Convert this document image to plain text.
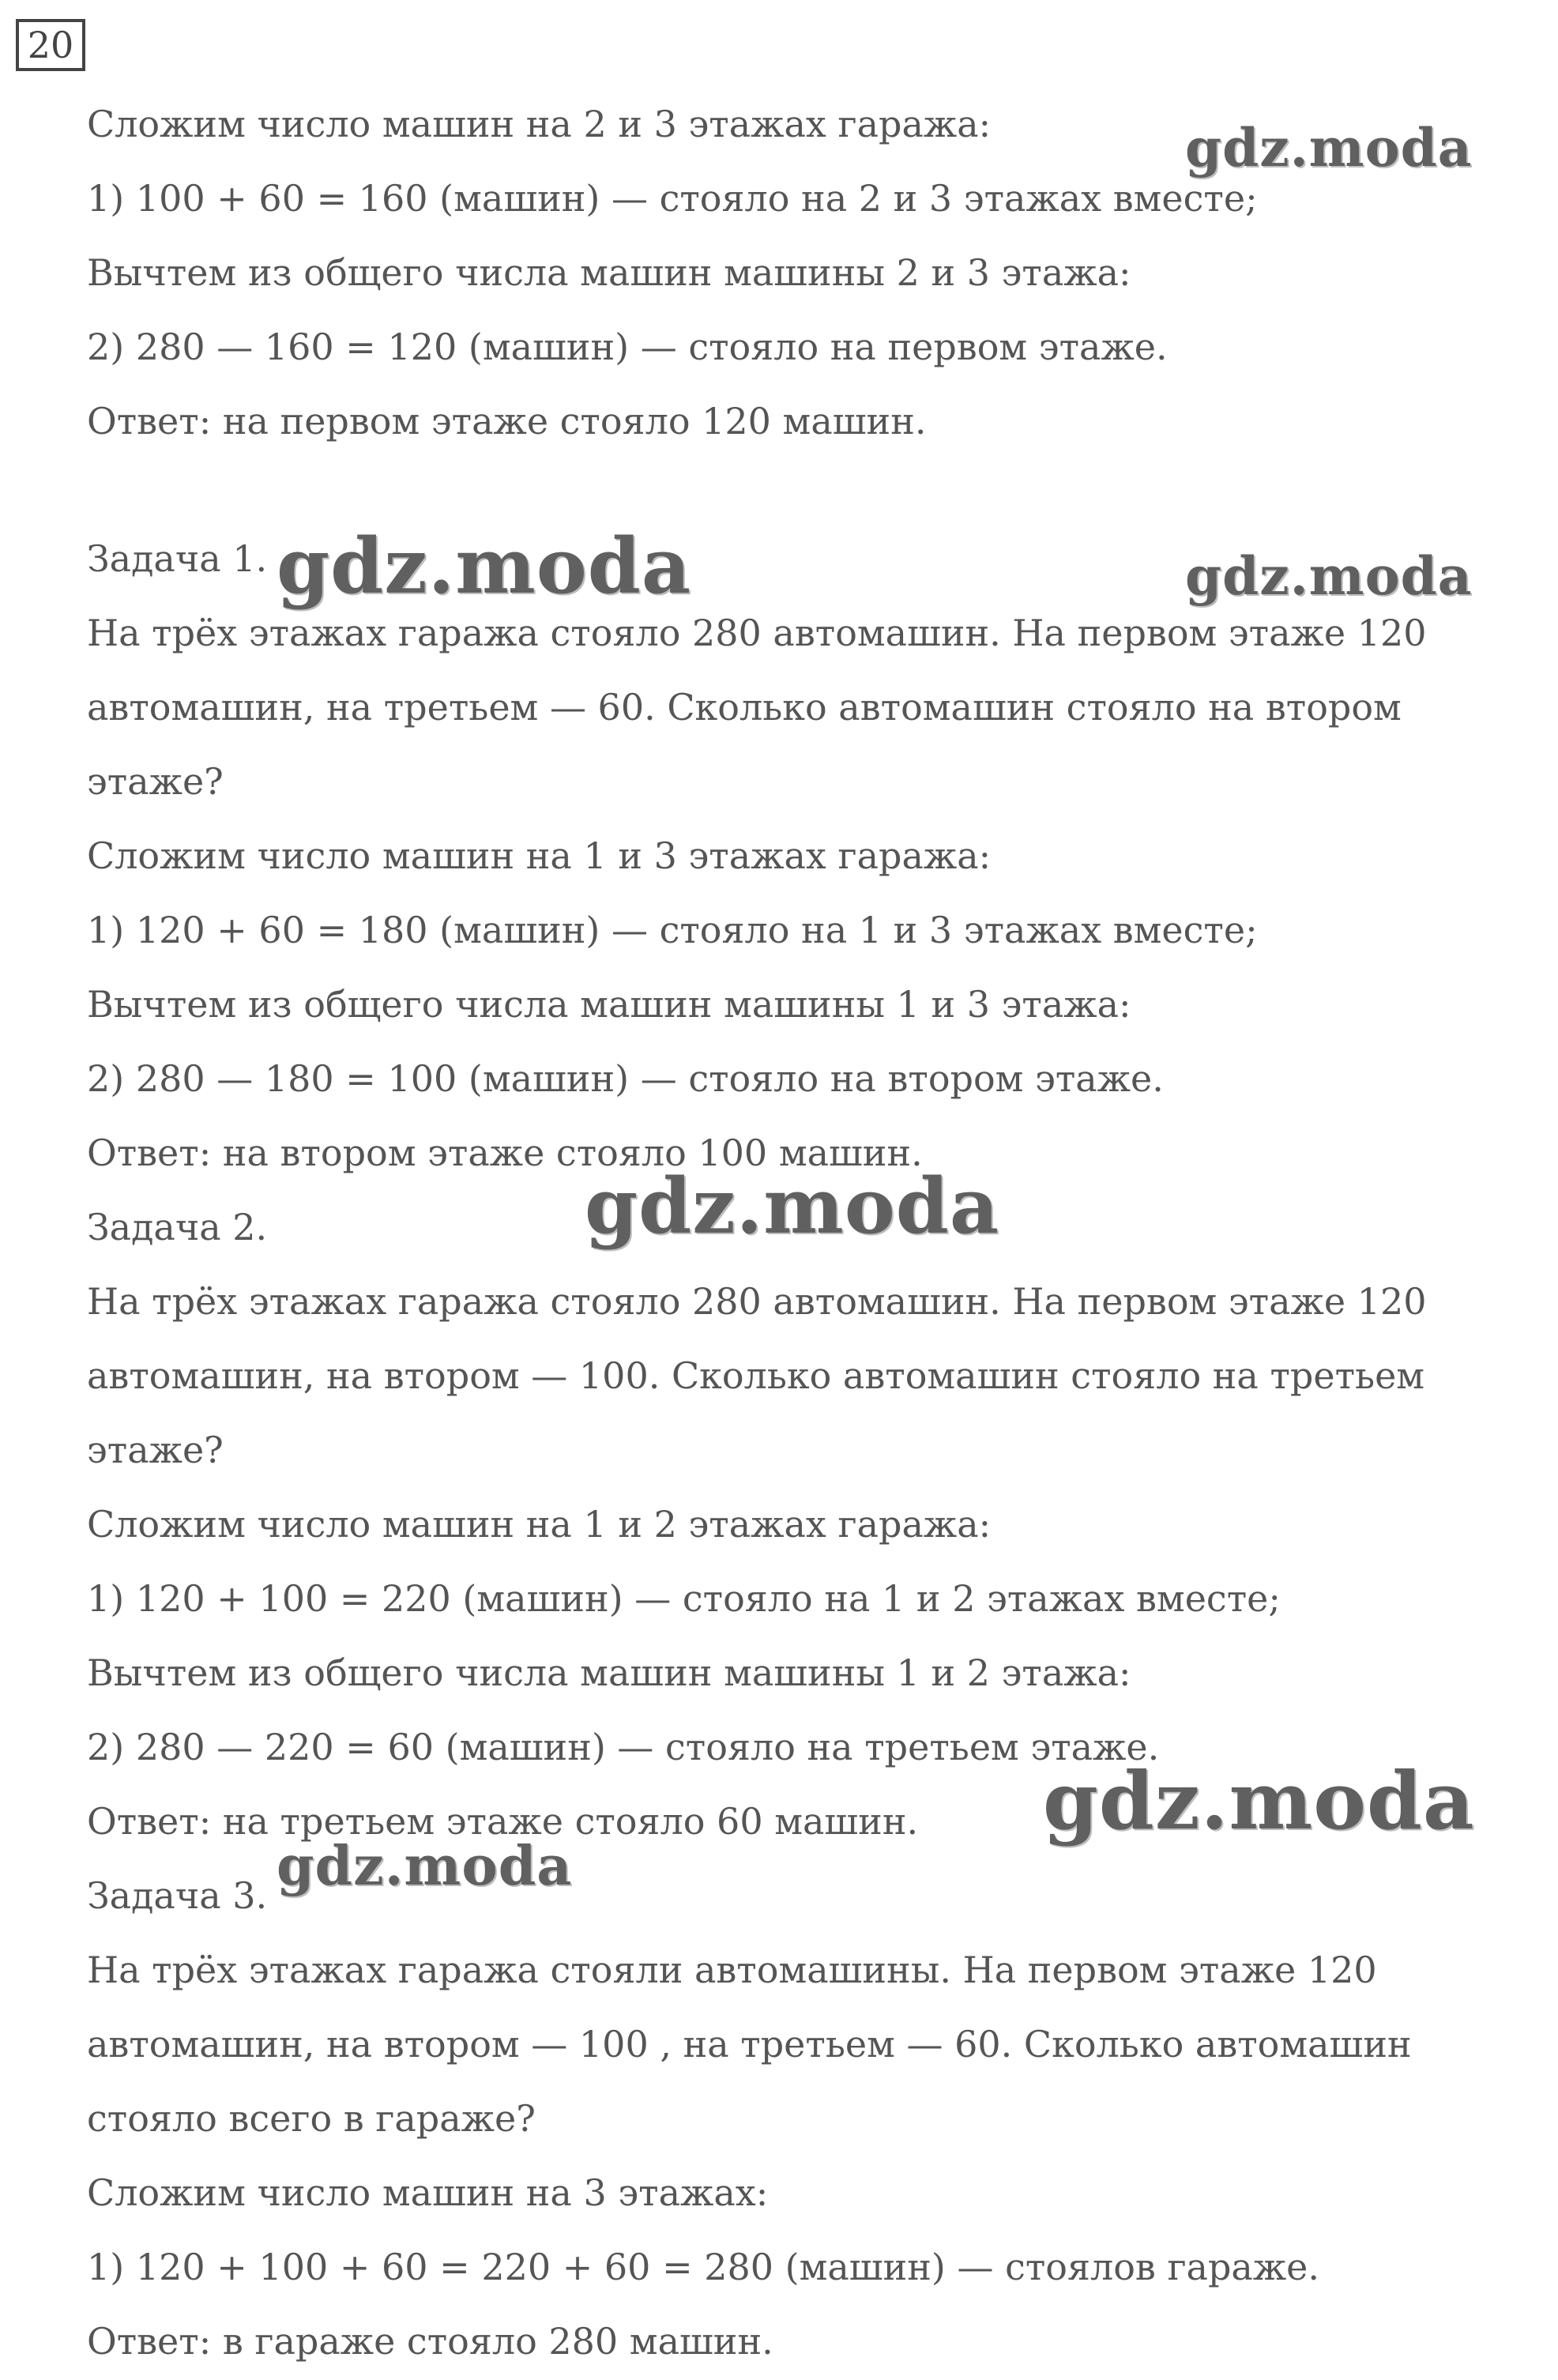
20
Сложим число машин на 2 и 3 этажах гаража:
1) 100 + 60 = 160 (машин) — стояло на 2 и 3 этажах вместе;
Вычтем из общего числа машин машины 2 и 3 этажа:
2) 280 — 160 = 120 (машин) — стояло на первом этаже.
Ответ: на первом этаже стояло 120 машин.
Задача 1.
На трёх этажах гаража стояло 280 автомашин. На первом этаже 120
автомашин, на третьем — 60. Сколько автомашин стояло на втором
этаже?
Сложим число машин на 1 и 3 этажах гаража:
1) 120 + 60 = 180 (машин) — стояло на 1 и 3 этажах вместе;
Вычтем из общего числа машин машины 1 и 3 этажа:
2) 280 — 180 = 100 (машин) — стояло на втором этаже.
Ответ: на втором этаже стояло 100 машин.
Задача 2.
На трёх этажах гаража стояло 280 автомашин. На первом этаже 120
автомашин, на втором — 100. Сколько автомашин стояло на третьем
этаже?
Сложим число машин на 1 и 2 этажах гаража:
1) 120 + 100 = 220 (машин) — стояло на 1 и 2 этажах вместе;
Вычтем из общего числа машин машины 1 и 2 этажа:
2) 280 — 220 = 60 (машин) — стояло на третьем этаже.
Ответ: на третьем этаже стояло 60 машин.
Задача 3.
На трёх этажах гаража стояли автомашины. На первом этаже 120
автомашин, на втором — 100 , на третьем — 60. Сколько автомашин
стояло всего в гараже?
Сложим число машин на 3 этажах:
1) 120 + 100 + 60 = 220 + 60 = 280 (машин) — стоялов гараже.
Ответ: в гараже стояло 280 машин.
gdz.moda
gdz.moda	gdz.moda
gdz.moda
gdz.moda
gdz.moda
